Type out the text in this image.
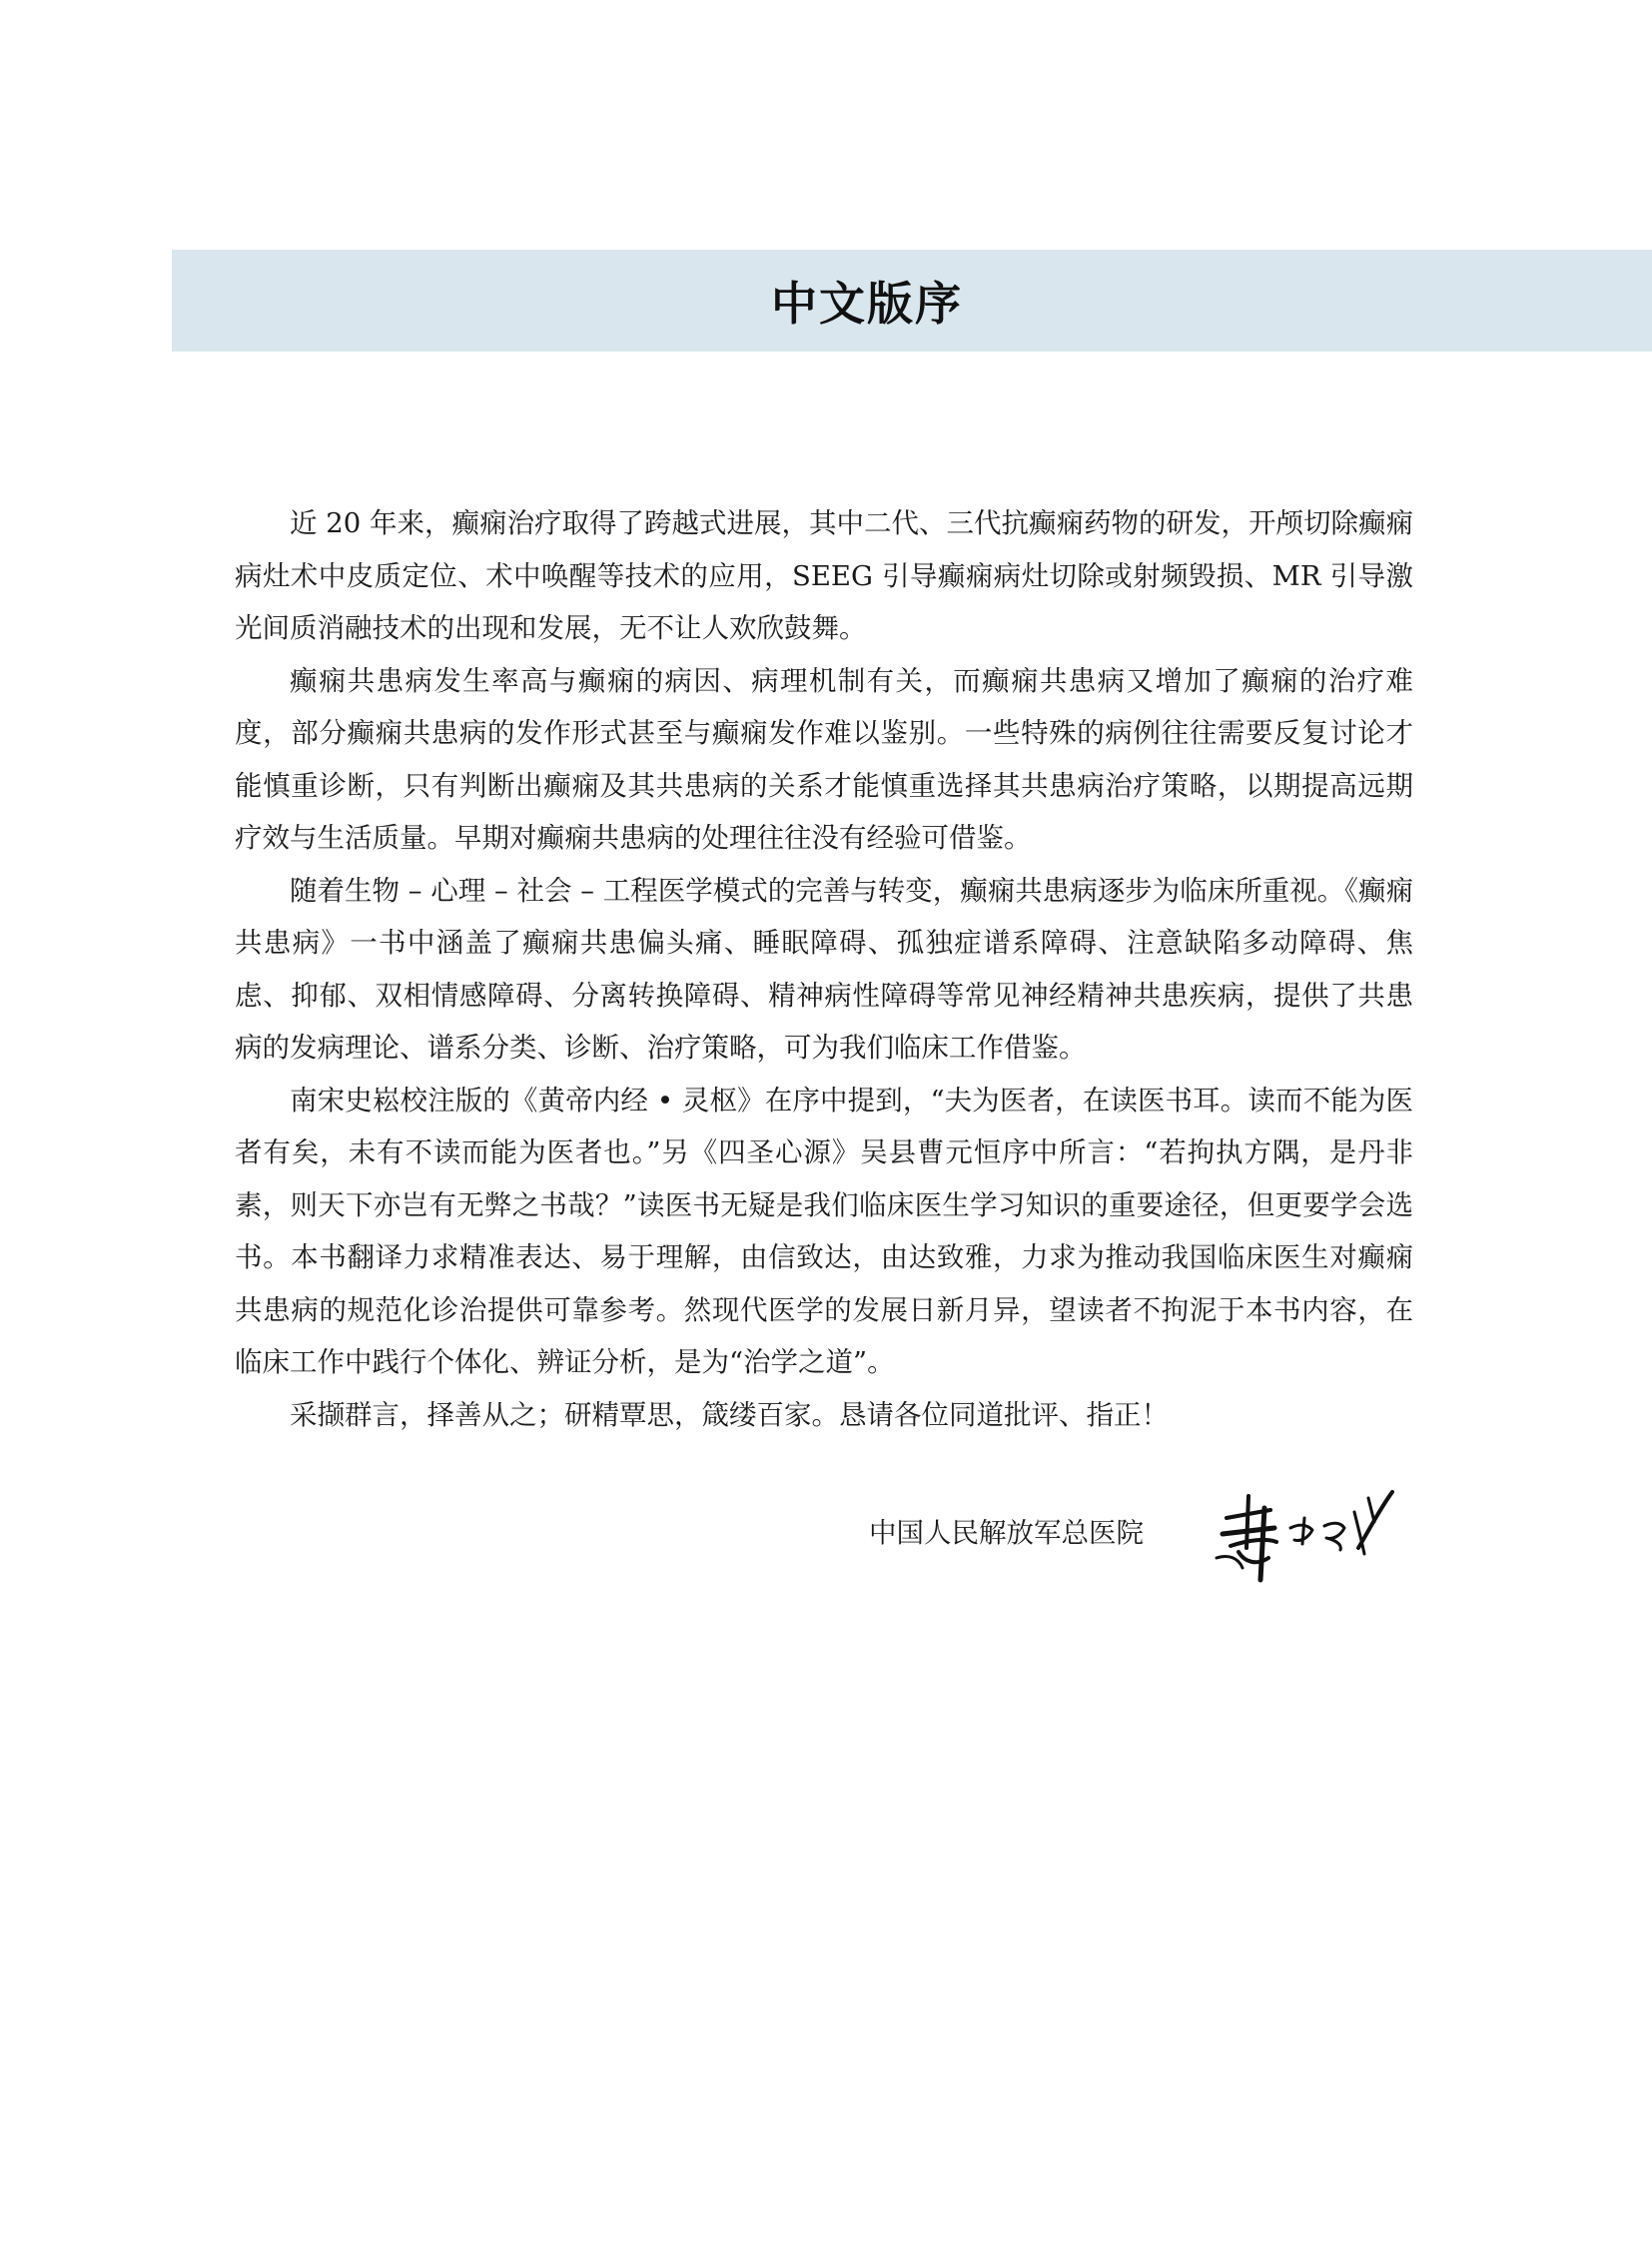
中文版序

近 20 年来，癫痫治疗取得了跨越式进展，其中二代、三代抗癫痫药物的研发，开颅切除癫痫病灶术中皮质定位、术中唤醒等技术的应用，SEEG 引导癫痫病灶切除或射频毁损、MR 引导激光间质消融技术的出现和发展，无不让人欢欣鼓舞。

癫痫共患病发生率高与癫痫的病因、病理机制有关，而癫痫共患病又增加了癫痫的治疗难度，部分癫痫共患病的发作形式甚至与癫痫发作难以鉴别。一些特殊的病例往往需要反复讨论才能慎重诊断，只有判断出癫痫及其共患病的关系才能慎重选择其共患病治疗策略，以期提高远期疗效与生活质量。早期对癫痫共患病的处理往往没有经验可借鉴。

随着生物 – 心理 – 社会 – 工程医学模式的完善与转变，癫痫共患病逐步为临床所重视。《癫痫共患病》一书中涵盖了癫痫共患偏头痛、睡眠障碍、孤独症谱系障碍、注意缺陷多动障碍、焦虑、抑郁、双相情感障碍、分离转换障碍、精神病性障碍等常见神经精神共患疾病，提供了共患病的发病理论、谱系分类、诊断、治疗策略，可为我们临床工作借鉴。

南宋史崧校注版的《黄帝内经 • 灵枢》在序中提到，“夫为医者，在读医书耳。读而不能为医者有矣，未有不读而能为医者也。”另《四圣心源》吴县曹元恒序中所言：“若拘执方隅，是丹非素，则天下亦岂有无弊之书哉？”读医书无疑是我们临床医生学习知识的重要途径，但更要学会选书。本书翻译力求精准表达、易于理解，由信致达，由达致雅，力求为推动我国临床医生对癫痫共患病的规范化诊治提供可靠参考。然现代医学的发展日新月异，望读者不拘泥于本书内容，在临床工作中践行个体化、辨证分析，是为“治学之道”。

采撷群言，择善从之；研精覃思，箴缕百家。恳请各位同道批评、指正！

中国人民解放军总医院
